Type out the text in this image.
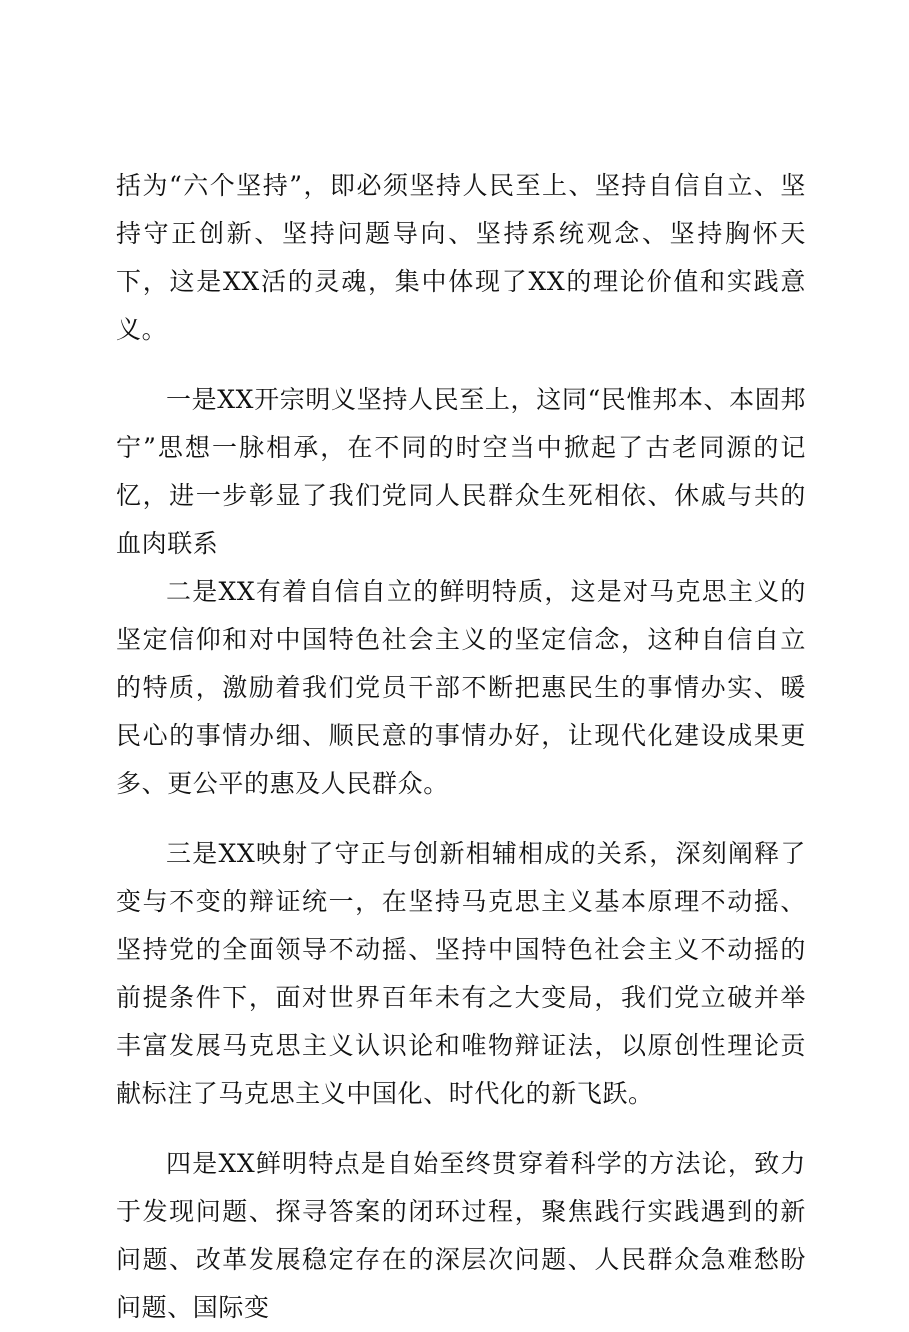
括为“六个坚持”，即必须坚持人民至上、坚持自信自立、坚持守正创新、坚持问题导向、坚持系统观念、坚持胸怀天下，这是XX活的灵魂，集中体现了XX的理论价值和实践意义。

一是XX开宗明义坚持人民至上，这同“民惟邦本、本固邦宁”思想一脉相承，在不同的时空当中掀起了古老同源的记忆，进一步彰显了我们党同人民群众生死相依、休戚与共的血肉联系

二是XX有着自信自立的鲜明特质，这是对马克思主义的坚定信仰和对中国特色社会主义的坚定信念，这种自信自立的特质，激励着我们党员干部不断把惠民生的事情办实、暖民心的事情办细、顺民意的事情办好，让现代化建设成果更多、更公平的惠及人民群众。

三是XX映射了守正与创新相辅相成的关系，深刻阐释了变与不变的辩证统一，在坚持马克思主义基本原理不动摇、坚持党的全面领导不动摇、坚持中国特色社会主义不动摇的前提条件下，面对世界百年未有之大变局，我们党立破并举丰富发展马克思主义认识论和唯物辩证法，以原创性理论贡献标注了马克思主义中国化、时代化的新飞跃。

四是XX鲜明特点是自始至终贯穿着科学的方法论，致力于发现问题、探寻答案的闭环过程，聚焦践行实践遇到的新问题、改革发展稳定存在的深层次问题、人民群众急难愁盼问题、国际变
